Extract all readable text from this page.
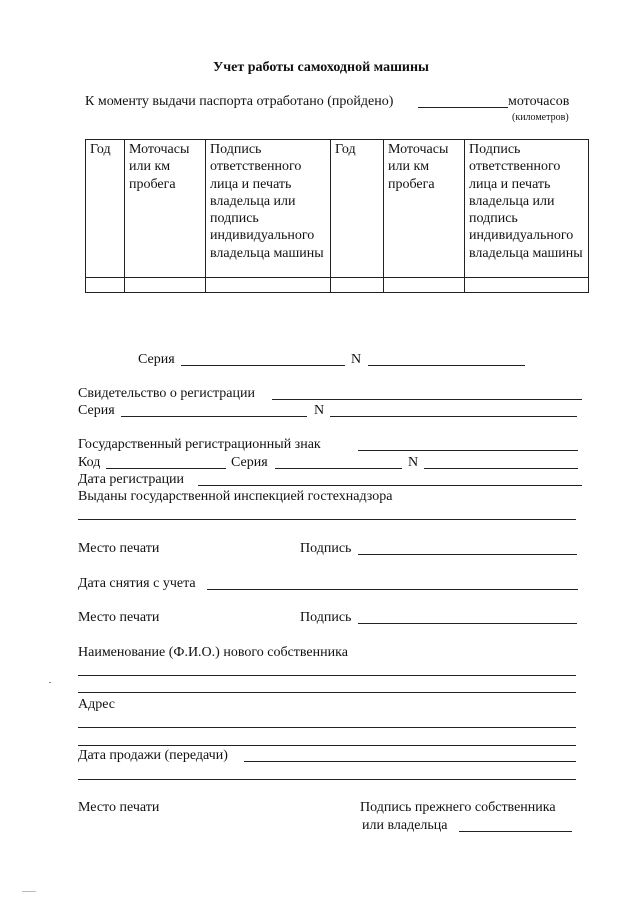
Учет работы самоходной машины
К моменту выдачи паспорта отработано (пройдено)	моточасов
(километров)
Год	Моточасы или км пробега	Подпись ответственного лица и печать владельца или подпись индивидуального владельца машины	Год	Моточасы или км пробега	Подпись ответственного лица и печать владельца или подпись индивидуального владельца машины

Серия	N
Свидетельство о регистрации
Серия	N
Государственный регистрационный знак
Код	Серия	N
Дата регистрации
Выданы государственной инспекцией гостехнадзора
Место печати	Подпись
Дата снятия с учета
Место печати	Подпись
Наименование (Ф.И.О.) нового собственника
Адрес
Дата продажи (передачи)
Место печати	Подпись прежнего собственника
или владельца
